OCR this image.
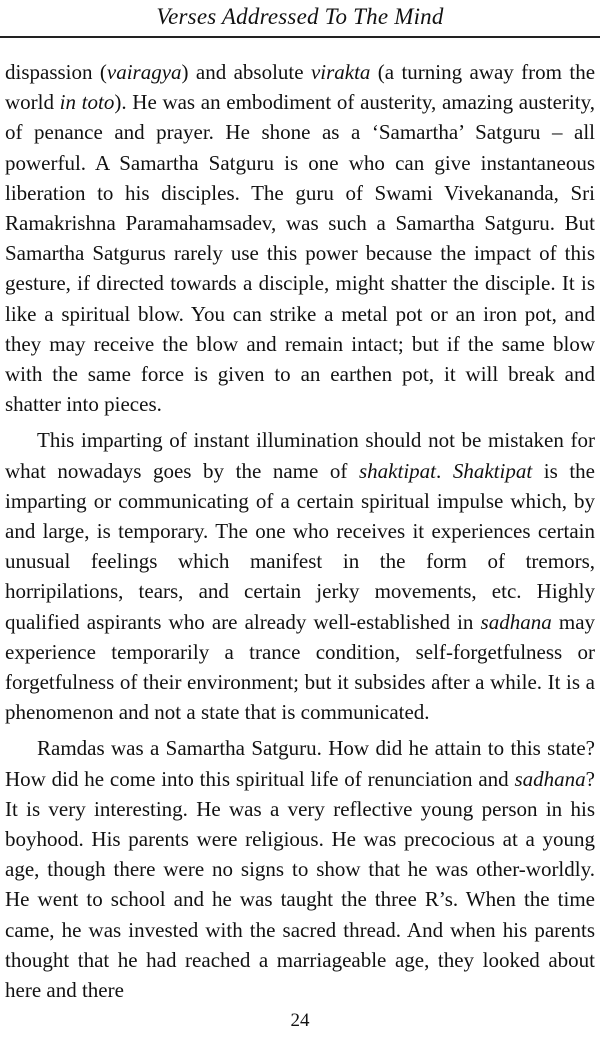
Verses Addressed To The Mind

dispassion (vairagya) and absolute virakta (a turning away from the world in toto). He was an embodiment of austerity, amazing austerity, of penance and prayer. He shone as a ‘Samartha’ Satguru – all powerful. A Samartha Satguru is one who can give instantaneous liberation to his disciples. The guru of Swami Vivekananda, Sri Ramakrishna Paramahamsadev, was such a Samartha Satguru. But Samartha Satgurus rarely use this power because the impact of this gesture, if directed towards a disciple, might shatter the disciple. It is like a spiritual blow. You can strike a metal pot or an iron pot, and they may receive the blow and remain intact; but if the same blow with the same force is given to an earthen pot, it will break and shatter into pieces.

This imparting of instant illumination should not be mistaken for what nowadays goes by the name of shaktipat. Shaktipat is the imparting or communicating of a certain spiritual impulse which, by and large, is temporary. The one who receives it experiences certain unusual feelings which manifest in the form of tremors, horripilations, tears, and certain jerky movements, etc. Highly qualified aspirants who are already well-established in sadhana may experience temporarily a trance condition, self-forgetfulness or forgetfulness of their environment; but it subsides after a while. It is a phenomenon and not a state that is communicated.

Ramdas was a Samartha Satguru. How did he attain to this state? How did he come into this spiritual life of renunciation and sadhana? It is very interesting. He was a very reflective young person in his boyhood. His parents were religious. He was precocious at a young age, though there were no signs to show that he was other-worldly. He went to school and he was taught the three R’s. When the time came, he was invested with the sacred thread. And when his parents thought that he had reached a marriageable age, they looked about here and there

24
